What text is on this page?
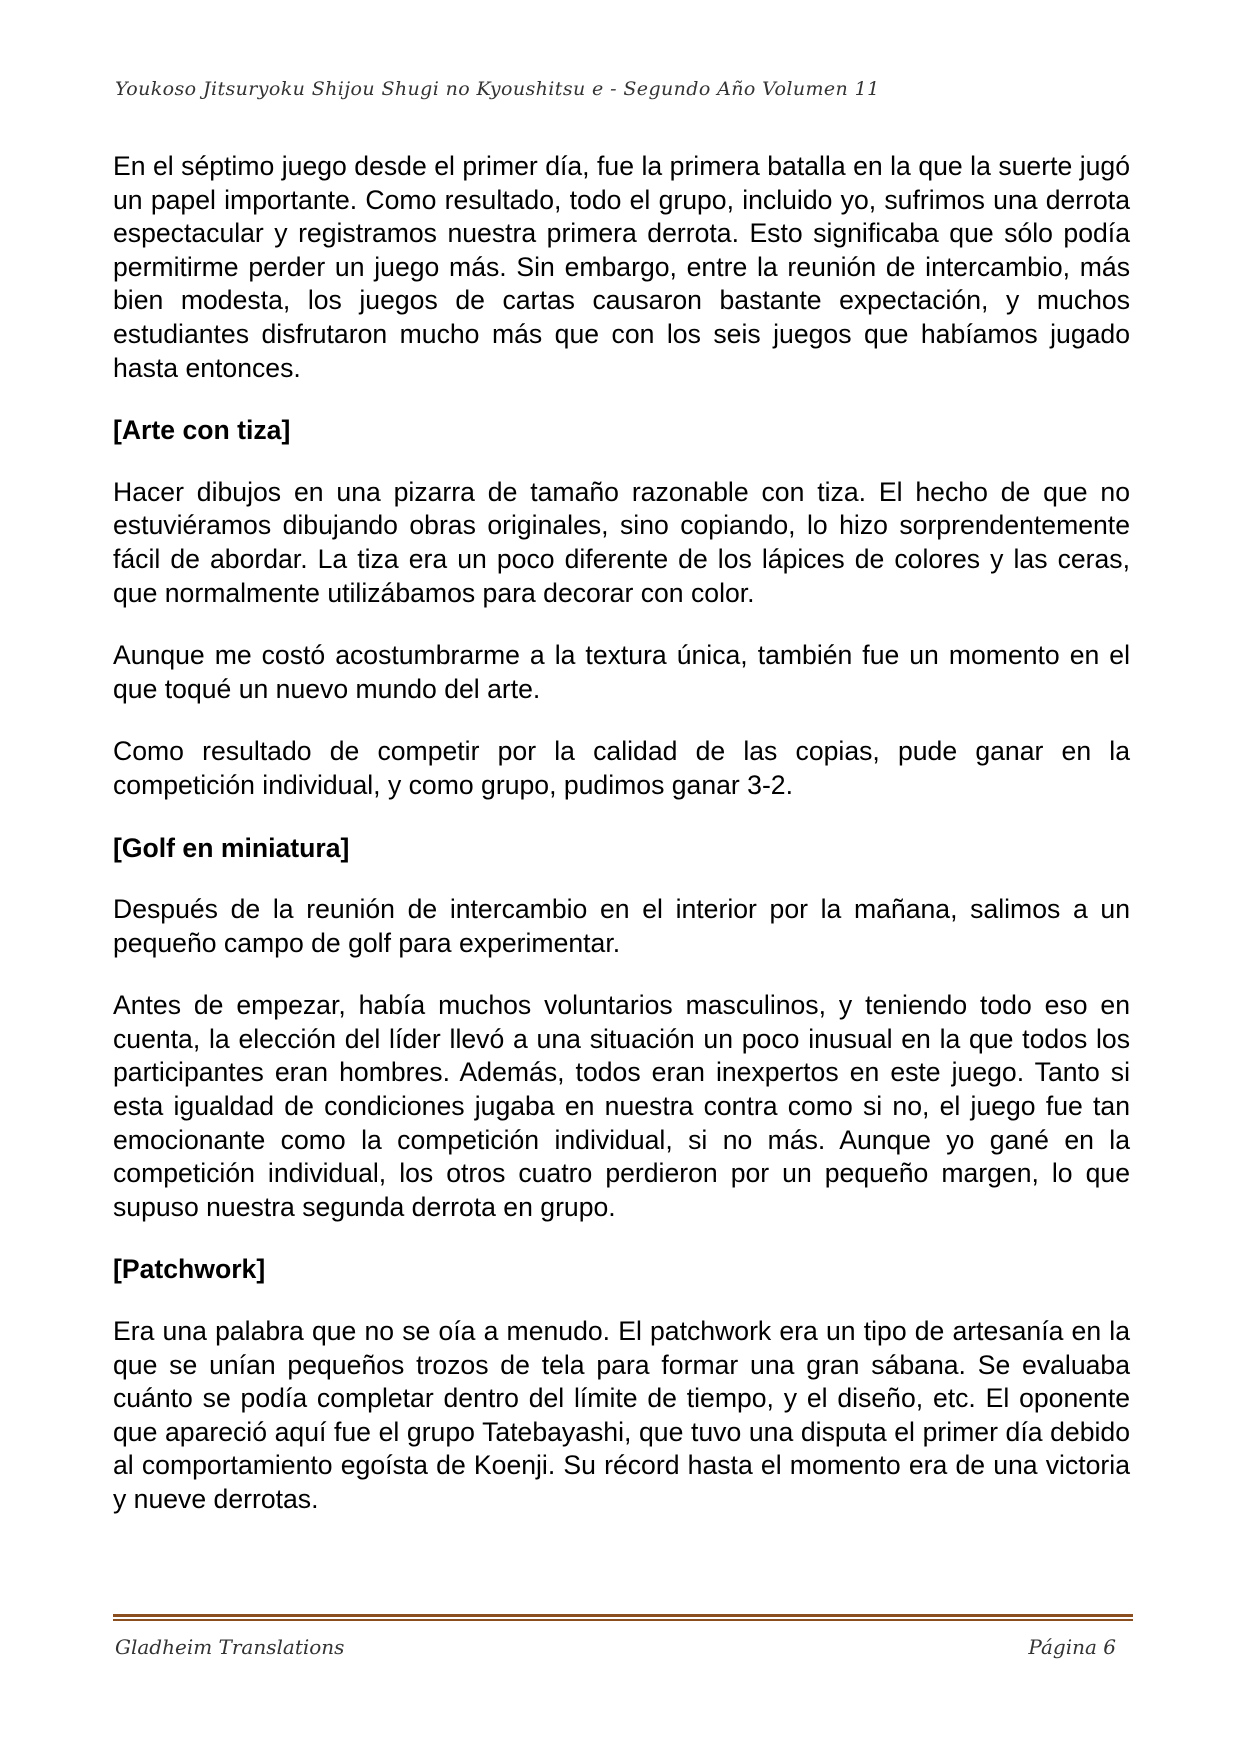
Youkoso Jitsuryoku Shijou Shugi no Kyoushitsu e - Segundo Año Volumen 11

En el séptimo juego desde el primer día, fue la primera batalla en la que la suerte jugó un papel importante. Como resultado, todo el grupo, incluido yo, sufrimos una derrota espectacular y registramos nuestra primera derrota. Esto significaba que sólo podía permitirme perder un juego más. Sin embargo, entre la reunión de intercambio, más bien modesta, los juegos de cartas causaron bastante expectación, y muchos estudiantes disfrutaron mucho más que con los seis juegos que habíamos jugado hasta entonces.

[Arte con tiza]

Hacer dibujos en una pizarra de tamaño razonable con tiza. El hecho de que no estuviéramos dibujando obras originales, sino copiando, lo hizo sorprendentemente fácil de abordar. La tiza era un poco diferente de los lápices de colores y las ceras, que normalmente utilizábamos para decorar con color.

Aunque me costó acostumbrarme a la textura única, también fue un momento en el que toqué un nuevo mundo del arte.

Como resultado de competir por la calidad de las copias, pude ganar en la competición individual, y como grupo, pudimos ganar 3-2.

[Golf en miniatura]

Después de la reunión de intercambio en el interior por la mañana, salimos a un pequeño campo de golf para experimentar.

Antes de empezar, había muchos voluntarios masculinos, y teniendo todo eso en cuenta, la elección del líder llevó a una situación un poco inusual en la que todos los participantes eran hombres. Además, todos eran inexpertos en este juego. Tanto si esta igualdad de condiciones jugaba en nuestra contra como si no, el juego fue tan emocionante como la competición individual, si no más. Aunque yo gané en la competición individual, los otros cuatro perdieron por un pequeño margen, lo que supuso nuestra segunda derrota en grupo.

[Patchwork]

Era una palabra que no se oía a menudo. El patchwork era un tipo de artesanía en la que se unían pequeños trozos de tela para formar una gran sábana. Se evaluaba cuánto se podía completar dentro del límite de tiempo, y el diseño, etc. El oponente que apareció aquí fue el grupo Tatebayashi, que tuvo una disputa el primer día debido al comportamiento egoísta de Koenji. Su récord hasta el momento era de una victoria y nueve derrotas.

Gladheim Translations	Página 6
